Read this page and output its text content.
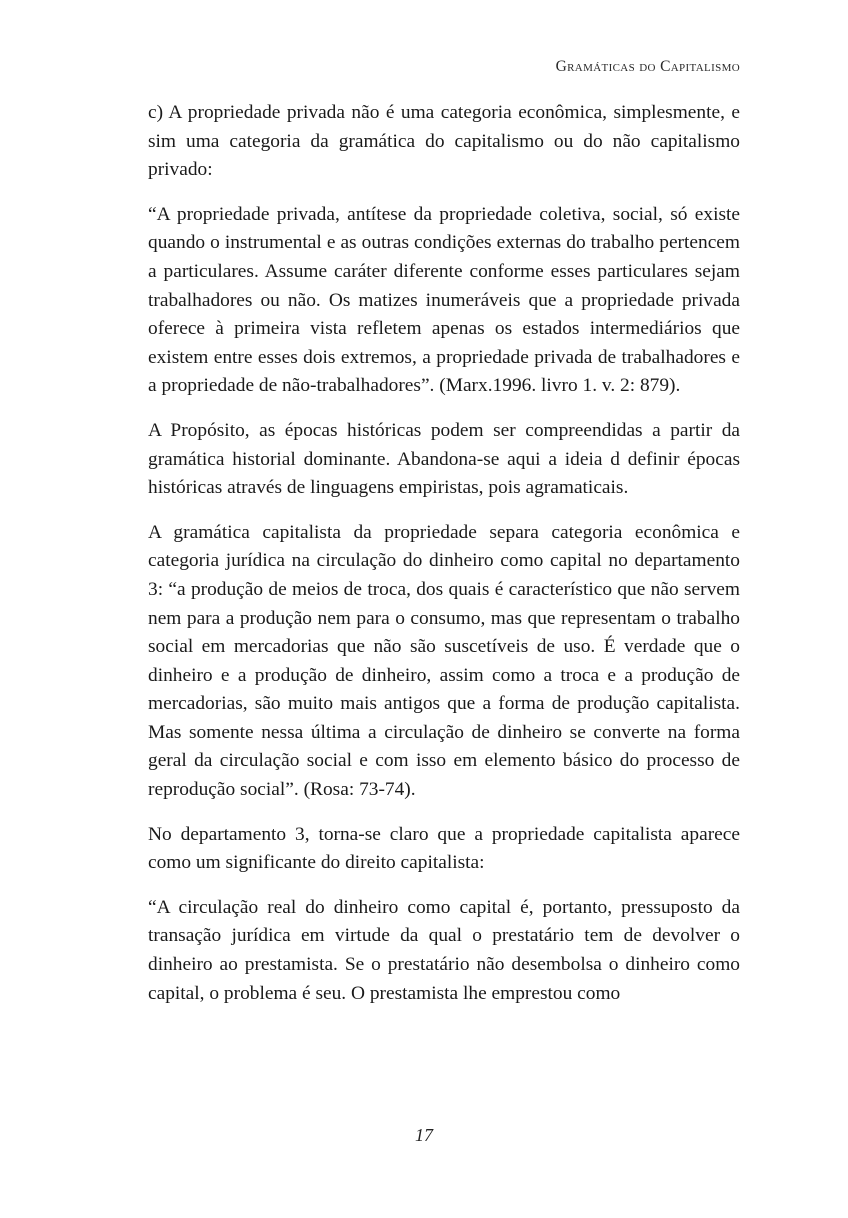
Gramáticas do Capitalismo

c) A propriedade privada não é uma categoria econômica, simplesmente, e sim uma categoria da gramática do capitalismo ou do não capitalismo privado:

“A propriedade privada, antítese da propriedade coletiva, social, só existe quando o instrumental e as outras condições externas do trabalho pertencem a particulares. Assume caráter diferente conforme esses particulares sejam trabalhadores ou não. Os matizes inumeráveis que a propriedade privada oferece à primeira vista refletem apenas os estados intermediários que existem entre esses dois extremos, a propriedade privada de trabalhadores e a propriedade de não-trabalhadores”. (Marx.1996. livro 1. v. 2: 879).

A Propósito, as épocas históricas podem ser compreendidas a partir da gramática historial dominante. Abandona-se aqui a ideia d definir épocas históricas através de linguagens empiristas, pois agramaticais.

A gramática capitalista da propriedade separa categoria econômica e categoria jurídica na circulação do dinheiro como capital no departamento 3: “a produção de meios de troca, dos quais é característico que não servem nem para a produção nem para o consumo, mas que representam o trabalho social em mercadorias que não são suscetíveis de uso. É verdade que o dinheiro e a produção de dinheiro, assim como a troca e a produção de mercadorias, são muito mais antigos que a forma de produção capitalista. Mas somente nessa última a circulação de dinheiro se converte na forma geral da circulação social e com isso em elemento básico do processo de reprodução social”. (Rosa: 73-74).

No departamento 3, torna-se claro que a propriedade capitalista aparece como um significante do direito capitalista:

“A circulação real do dinheiro como capital é, portanto, pressuposto da transação jurídica em virtude da qual o prestatário tem de devolver o dinheiro ao prestamista. Se o prestatário não desembolsa o dinheiro como capital, o problema é seu. O prestamista lhe emprestou como

17
